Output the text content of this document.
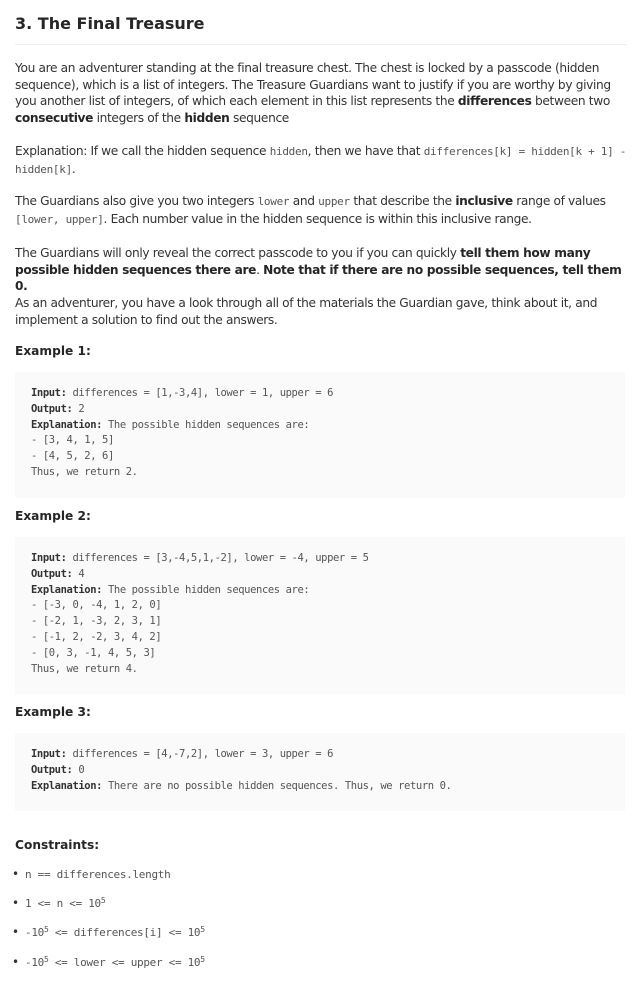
3. The Final Treasure

You are an adventurer standing at the final treasure chest. The chest is locked by a passcode (hidden sequence), which is a list of integers. The Treasure Guardians want to justify if you are worthy by giving you another list of integers, of which each element in this list represents the differences between two consecutive integers of the hidden sequence

Explanation: If we call the hidden sequence hidden, then we have that differences[k] = hidden[k + 1] - hidden[k].

The Guardians also give you two integers lower and upper that describe the inclusive range of values [lower, upper]. Each number value in the hidden sequence is within this inclusive range.

The Guardians will only reveal the correct passcode to you if you can quickly tell them how many possible hidden sequences there are. Note that if there are no possible sequences, tell them 0.

As an adventurer, you have a look through all of the materials the Guardian gave, think about it, and implement a solution to find out the answers.

Example 1:
Input: differences = [1,-3,4], lower = 1, upper = 6
Output: 2
Explanation: The possible hidden sequences are:
- [3, 4, 1, 5]
- [4, 5, 2, 6]
Thus, we return 2.
Example 2:
Input: differences = [3,-4,5,1,-2], lower = -4, upper = 5
Output: 4
Explanation: The possible hidden sequences are:
- [-3, 0, -4, 1, 2, 0]
- [-2, 1, -3, 2, 3, 1]
- [-1, 2, -2, 3, 4, 2]
- [0, 3, -1, 4, 5, 3]
Thus, we return 4.
Example 3:
Input: differences = [4,-7,2], lower = 3, upper = 6
Output: 0
Explanation: There are no possible hidden sequences. Thus, we return 0.
Constraints:
• n == differences.length
• $1 <= n <= 10^5$
• $-10^5$ <= differences[i] <= $10^5$
• $-10^5$ <= lower <= upper <= $10^5$
